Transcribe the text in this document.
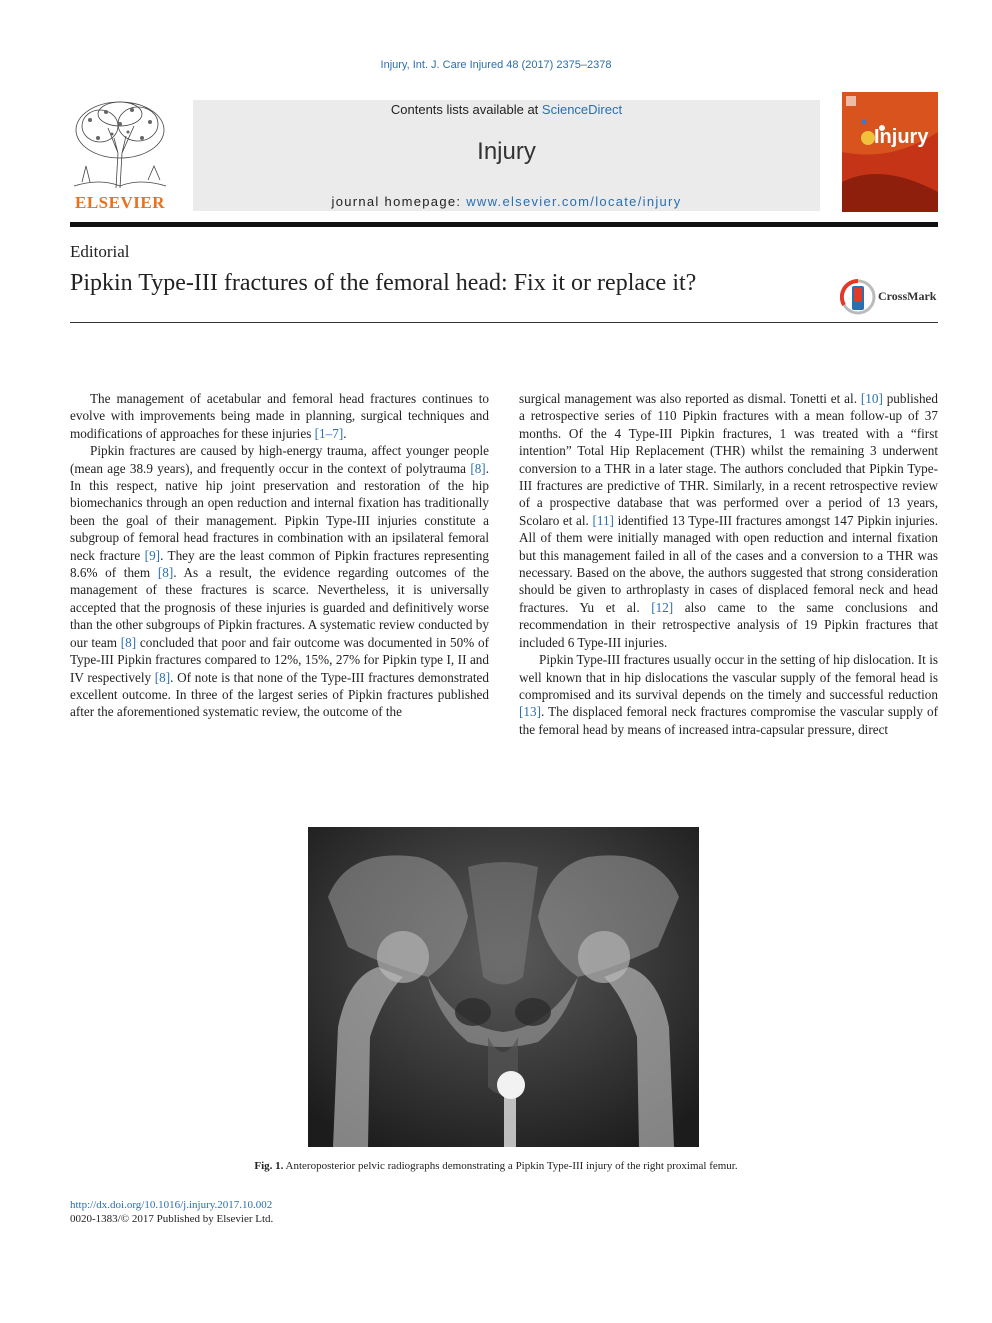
Injury, Int. J. Care Injured 48 (2017) 2375–2378
ELSEVIER
Contents lists available at ScienceDirect
Injury
journal homepage: www.elsevier.com/locate/injury
Injury
Editorial
Pipkin Type-III fractures of the femoral head: Fix it or replace it?	CrossMark

The management of acetabular and femoral head fractures continues to evolve with improvements being made in planning, surgical techniques and modifications of approaches for these injuries [1–7].

Pipkin fractures are caused by high-energy trauma, affect younger people (mean age 38.9 years), and frequently occur in the context of polytrauma [8]. In this respect, native hip joint preservation and restoration of the hip biomechanics through an open reduction and internal fixation has traditionally been the goal of their management. Pipkin Type-III injuries constitute a subgroup of femoral head fractures in combination with an ipsilateral femoral neck fracture [9]. They are the least common of Pipkin fractures representing 8.6% of them [8]. As a result, the evidence regarding outcomes of the management of these fractures is scarce. Nevertheless, it is universally accepted that the prognosis of these injuries is guarded and definitively worse than the other subgroups of Pipkin fractures. A systematic review conducted by our team [8] concluded that poor and fair outcome was documented in 50% of Type-III Pipkin fractures compared to 12%, 15%, 27% for Pipkin type I, II and IV respectively [8]. Of note is that none of the Type-III fractures demonstrated excellent outcome. In three of the largest series of Pipkin fractures published after the aforementioned systematic review, the outcome of the

surgical management was also reported as dismal. Tonetti et al. [10] published a retrospective series of 110 Pipkin fractures with a mean follow-up of 37 months. Of the 4 Type-III Pipkin fractures, 1 was treated with a “first intention” Total Hip Replacement (THR) whilst the remaining 3 underwent conversion to a THR in a later stage. The authors concluded that Pipkin Type-III fractures are predictive of THR. Similarly, in a recent retrospective review of a prospective database that was performed over a period of 13 years, Scolaro et al. [11] identified 13 Type-III fractures amongst 147 Pipkin injuries. All of them were initially managed with open reduction and internal fixation but this management failed in all of the cases and a conversion to a THR was necessary. Based on the above, the authors suggested that strong consideration should be given to arthroplasty in cases of displaced femoral neck and head fractures. Yu et al. [12] also came to the same conclusions and recommendation in their retrospective analysis of 19 Pipkin fractures that included 6 Type-III injuries.

Pipkin Type-III fractures usually occur in the setting of hip dislocation. It is well known that in hip dislocations the vascular supply of the femoral head is compromised and its survival depends on the timely and successful reduction [13]. The displaced femoral neck fractures compromise the vascular supply of the femoral head by means of increased intra-capsular pressure, direct

Fig. 1. Anteroposterior pelvic radiographs demonstrating a Pipkin Type-III injury of the right proximal femur.
http://dx.doi.org/10.1016/j.injury.2017.10.002
0020-1383/© 2017 Published by Elsevier Ltd.
